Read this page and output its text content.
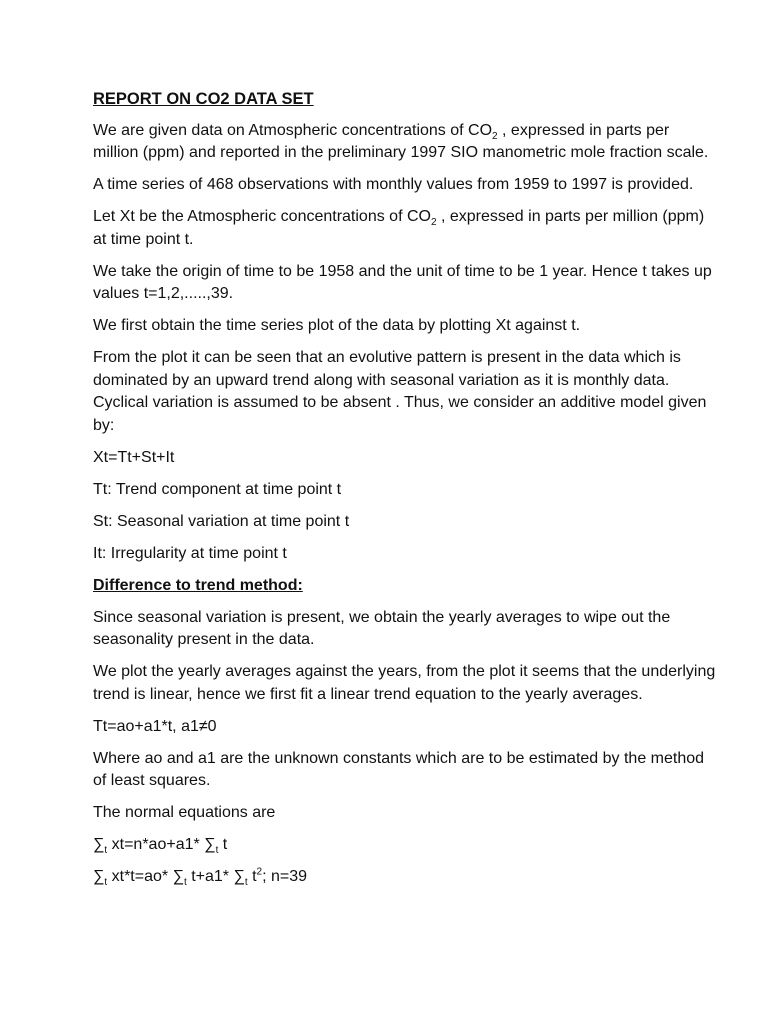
REPORT ON CO2 DATA SET

We are given data on Atmospheric concentrations of $CO_2$ , expressed in parts per million (ppm) and reported in the preliminary 1997 SIO manometric mole fraction scale.

A time series of 468 observations with monthly values from 1959 to 1997 is provided.

Let Xt be the Atmospheric concentrations of $CO_2$ , expressed in parts per million (ppm) at time point t.

We take the origin of time to be 1958 and the unit of time to be 1 year. Hence t takes up values t=1,2,.....,39.

We first obtain the time series plot of the data by plotting Xt against t.

From the plot it can be seen that an evolutive pattern is present in the data which is dominated by an upward trend along with seasonal variation as it is monthly data. Cyclical variation is assumed to be absent . Thus, we consider an additive model given by:

Xt=Tt+St+It

Tt: Trend component at time point t

St: Seasonal variation at time point t

It: Irregularity at time point t

Difference to trend method:

Since seasonal variation is present, we obtain the yearly averages to wipe out the seasonality present in the data.

We plot the yearly averages against the years, from the plot it seems that the underlying trend is linear, hence we first fit a linear trend equation to the yearly averages.

Tt=ao+a1*t, a1≠0

Where ao and a1 are the unknown constants which are to be estimated by the method of least squares.

The normal equations are

$\sum_t$ xt=n*ao+a1* $\sum_t$ t

$\sum_t$ xt*t=ao* $\sum_t$ t+a1* $\sum_t$ $t^2$; n=39
